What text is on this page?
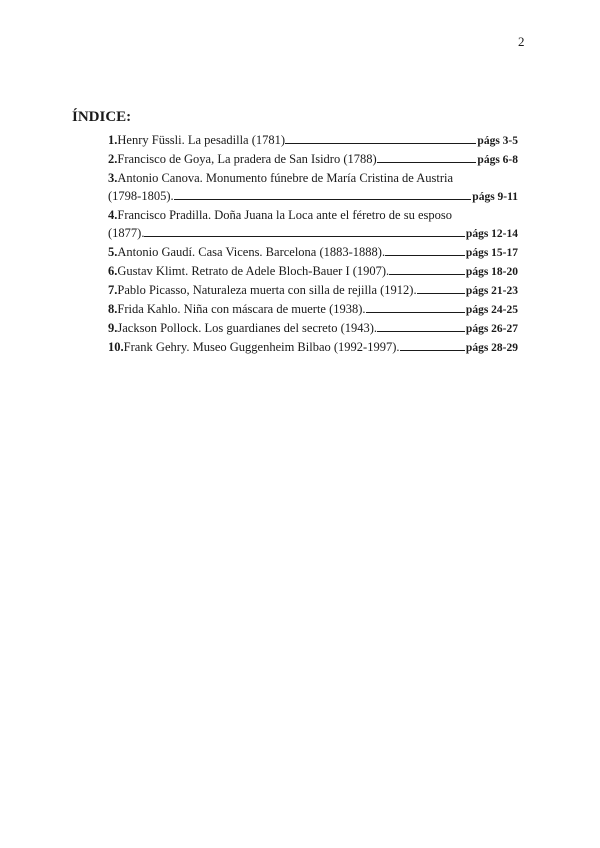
2
ÍNDICE:
1. Henry Füssli. La pesadilla (1781)	págs 3-5
2. Francisco de Goya, La pradera de San Isidro (1788)	págs 6-8
3. Antonio Canova. Monumento fúnebre de María Cristina de Austria
(1798-1805).	págs 9-11
4. Francisco Pradilla. Doña Juana la Loca ante el féretro de su esposo
(1877).	págs 12-14
5. Antonio Gaudí. Casa Vicens. Barcelona (1883-1888).	págs 15-17
6. Gustav Klimt. Retrato de Adele Bloch-Bauer I (1907).	págs 18-20
7. Pablo Picasso, Naturaleza muerta con silla de rejilla (1912).	págs 21-23
8. Frida Kahlo. Niña con máscara de muerte (1938).	págs 24-25
9. Jackson Pollock. Los guardianes del secreto (1943).	págs 26-27
10. Frank Gehry. Museo Guggenheim Bilbao (1992-1997).	págs 28-29
